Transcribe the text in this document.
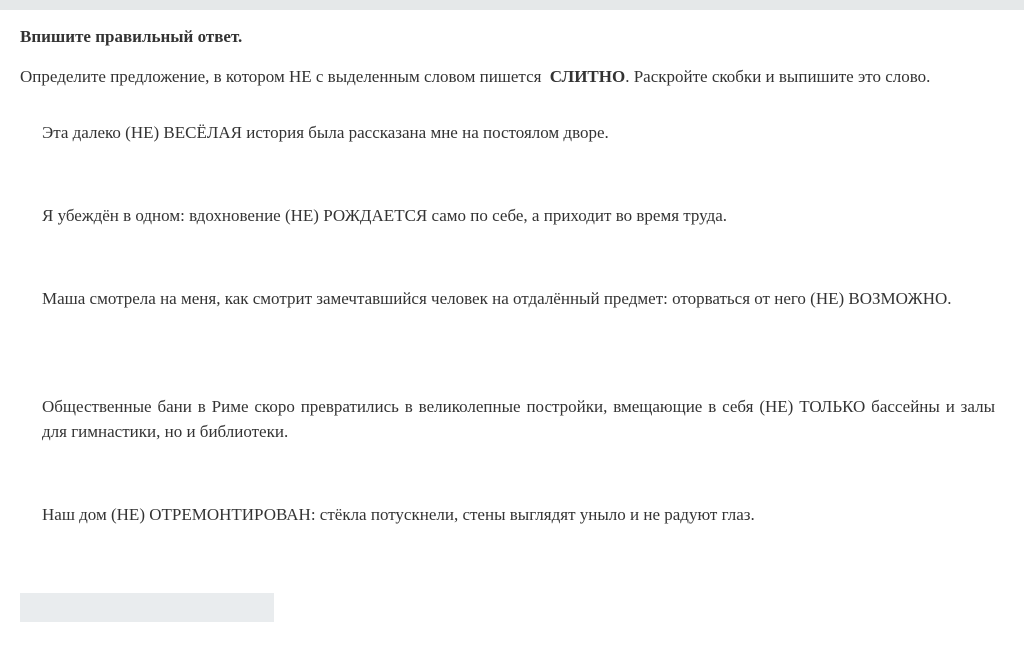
Впишите правильный ответ.
Определите предложение, в котором НЕ с выделенным словом пишется СЛИТНО. Раскройте скобки и выпишите это слово.
Эта далеко (НЕ) ВЕСЁЛАЯ история была рассказана мне на постоялом дворе.
Я убеждён в одном: вдохновение (НЕ) РОЖДАЕТСЯ само по себе, а приходит во время труда.
Маша смотрела на меня, как смотрит замечтавшийся человек на отдалённый предмет: оторваться от него (НЕ) ВОЗМОЖНО.
Общественные бани в Риме скоро превратились в великолепные постройки, вмещающие в себя (НЕ) ТОЛЬКО бассейны и залы для гимнастики, но и библиотеки.
Наш дом (НЕ) ОТРЕМОНТИРОВАН: стёкла потускнели, стены выглядят уныло и не радуют глаз.
